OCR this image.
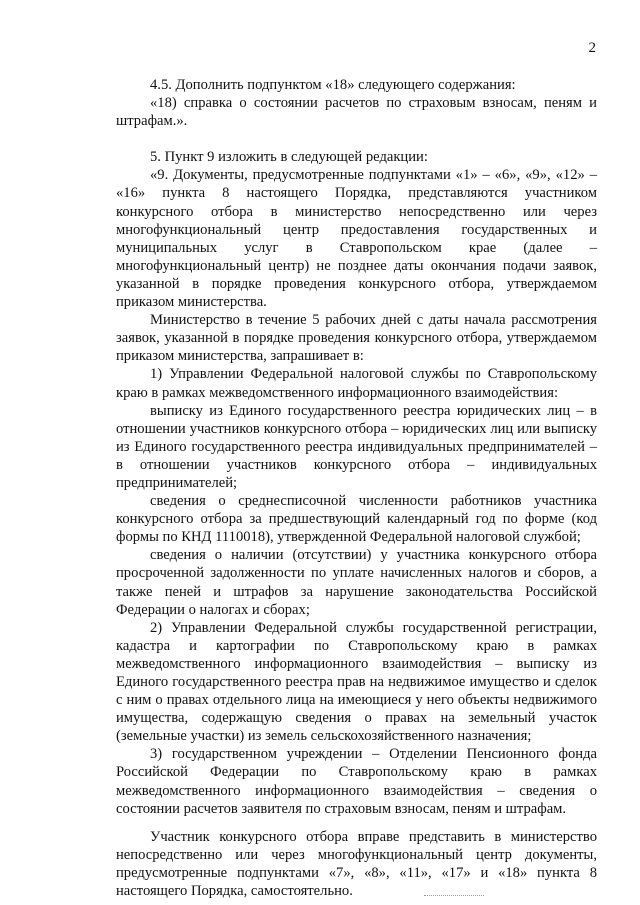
2

4.5. Дополнить подпунктом «18» следующего содержания:

«18) справка о состоянии расчетов по страховым взносам, пеням и штрафам.».

5. Пункт 9 изложить в следующей редакции:

«9. Документы, предусмотренные подпунктами «1» – «6», «9», «12» – «16» пункта 8 настоящего Порядка, представляются участником конкурсного отбора в министерство непосредственно или через многофункциональный центр предоставления государственных и муниципальных услуг в Ставропольском крае (далее – многофункциональный центр) не позднее даты окончания подачи заявок, указанной в порядке проведения конкурсного отбора, утверждаемом приказом министерства.

Министерство в течение 5 рабочих дней с даты начала рассмотрения заявок, указанной в порядке проведения конкурсного отбора, утверждаемом приказом министерства, запрашивает в:

1) Управлении Федеральной налоговой службы по Ставропольскому краю в рамках межведомственного информационного взаимодействия:

выписку из Единого государственного реестра юридических лиц – в отношении участников конкурсного отбора – юридических лиц или выписку из Единого государственного реестра индивидуальных предпринимателей – в отношении участников конкурсного отбора – индивидуальных предпринимателей;

сведения о среднесписочной численности работников участника конкурсного отбора за предшествующий календарный год по форме (код формы по КНД 1110018), утвержденной Федеральной налоговой службой;

сведения о наличии (отсутствии) у участника конкурсного отбора просроченной задолженности по уплате начисленных налогов и сборов, а также пеней и штрафов за нарушение законодательства Российской Федерации о налогах и сборах;

2) Управлении Федеральной службы государственной регистрации, кадастра и картографии по Ставропольскому краю в рамках межведомственного информационного взаимодействия – выписку из Единого государственного реестра прав на недвижимое имущество и сделок с ним о правах отдельного лица на имеющиеся у него объекты недвижимого имущества, содержащую сведения о правах на земельный участок (земельные участки) из земель сельскохозяйственного назначения;

3) государственном учреждении – Отделении Пенсионного фонда Российской Федерации по Ставропольскому краю в рамках межведомственного информационного взаимодействия – сведения о состоянии расчетов заявителя по страховым взносам, пеням и штрафам.

Участник конкурсного отбора вправе представить в министерство непосредственно или через многофункциональный центр документы, предусмотренные подпунктами «7», «8», «11», «17» и «18» пункта 8 настоящего Порядка, самостоятельно.
